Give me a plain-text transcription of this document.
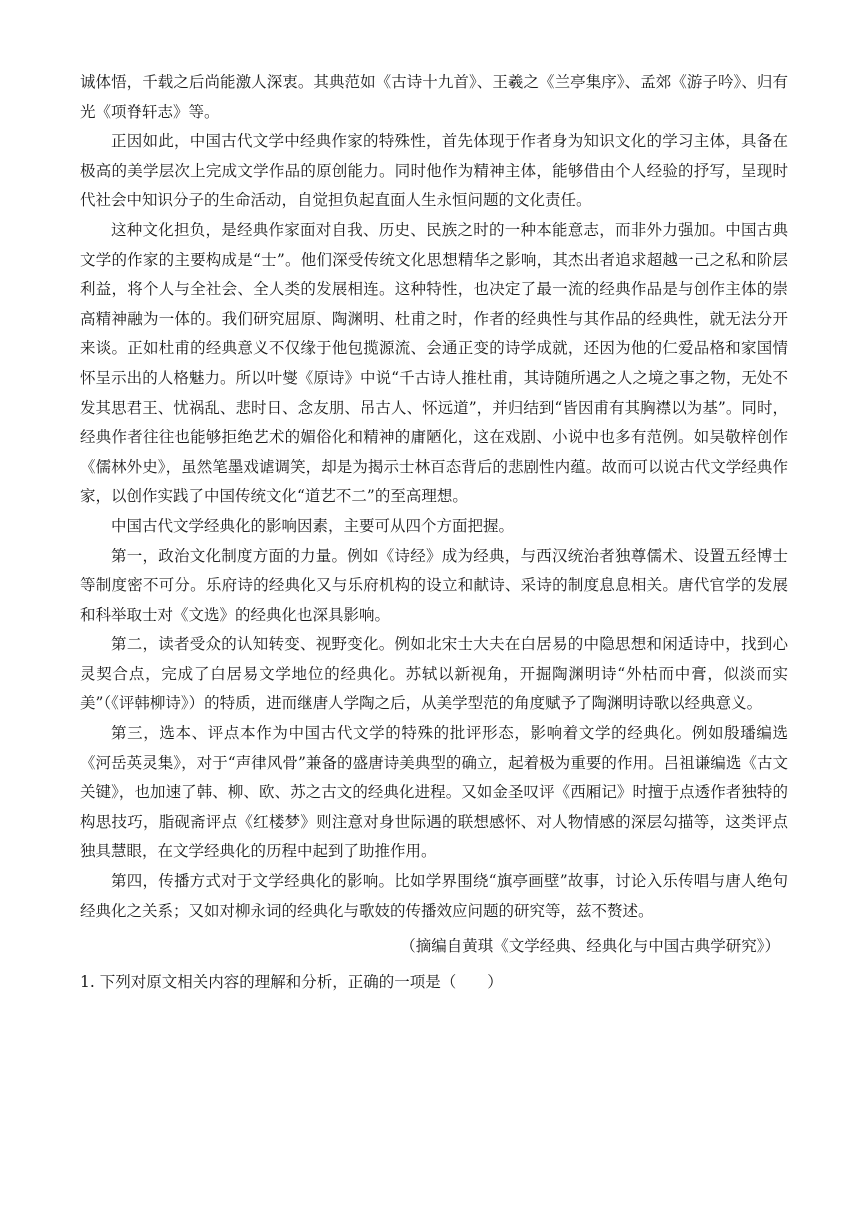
诚体悟，千载之后尚能激人深衷。其典范如《古诗十九首》、王羲之《兰亭集序》、孟郊《游子吟》、归有光《项脊轩志》等。

正因如此，中国古代文学中经典作家的特殊性，首先体现于作者身为知识文化的学习主体，具备在极高的美学层次上完成文学作品的原创能力。同时他作为精神主体，能够借由个人经验的抒写，呈现时代社会中知识分子的生命活动，自觉担负起直面人生永恒问题的文化责任。

这种文化担负，是经典作家面对自我、历史、民族之时的一种本能意志，而非外力强加。中国古典文学的作家的主要构成是“士”。他们深受传统文化思想精华之影响，其杰出者追求超越一己之私和阶层利益，将个人与全社会、全人类的发展相连。这种特性，也决定了最一流的经典作品是与创作主体的崇高精神融为一体的。我们研究屈原、陶渊明、杜甫之时，作者的经典性与其作品的经典性，就无法分开来谈。正如杜甫的经典意义不仅缘于他包揽源流、会通正变的诗学成就，还因为他的仁爱品格和家国情怀呈示出的人格魅力。所以叶燮《原诗》中说“千古诗人推杜甫，其诗随所遇之人之境之事之物，无处不发其思君王、忧祸乱、悲时日、念友朋、吊古人、怀远道”，并归结到“皆因甫有其胸襟以为基”。同时，经典作者往往也能够拒绝艺术的媚俗化和精神的庸陋化，这在戏剧、小说中也多有范例。如吴敬梓创作《儒林外史》，虽然笔墨戏谑调笑，却是为揭示士林百态背后的悲剧性内蕴。故而可以说古代文学经典作家，以创作实践了中国传统文化“道艺不二”的至高理想。

中国古代文学经典化的影响因素，主要可从四个方面把握。

第一，政治文化制度方面的力量。例如《诗经》成为经典，与西汉统治者独尊儒术、设置五经博士等制度密不可分。乐府诗的经典化又与乐府机构的设立和献诗、采诗的制度息息相关。唐代官学的发展和科举取士对《文选》的经典化也深具影响。

第二，读者受众的认知转变、视野变化。例如北宋士大夫在白居易的中隐思想和闲适诗中，找到心灵契合点，完成了白居易文学地位的经典化。苏轼以新视角，开掘陶渊明诗“外枯而中膏，似淡而实美”（《评韩柳诗》）的特质，进而继唐人学陶之后，从美学型范的角度赋予了陶渊明诗歌以经典意义。

第三，选本、评点本作为中国古代文学的特殊的批评形态，影响着文学的经典化。例如殷璠编选《河岳英灵集》，对于“声律风骨”兼备的盛唐诗美典型的确立，起着极为重要的作用。吕祖谦编选《古文关键》，也加速了韩、柳、欧、苏之古文的经典化进程。又如金圣叹评《西厢记》时擅于点透作者独特的构思技巧，脂砚斋评点《红楼梦》则注意对身世际遇的联想感怀、对人物情感的深层勾描等，这类评点独具慧眼，在文学经典化的历程中起到了助推作用。

第四，传播方式对于文学经典化的影响。比如学界围绕“旗亭画壁”故事，讨论入乐传唱与唐人绝句经典化之关系；又如对柳永词的经典化与歌妓的传播效应问题的研究等，兹不赘述。

（摘编自黄琪《文学经典、经典化与中国古典学研究》）

1. 下列对原文相关内容的理解和分析，正确的一项是（　　）
